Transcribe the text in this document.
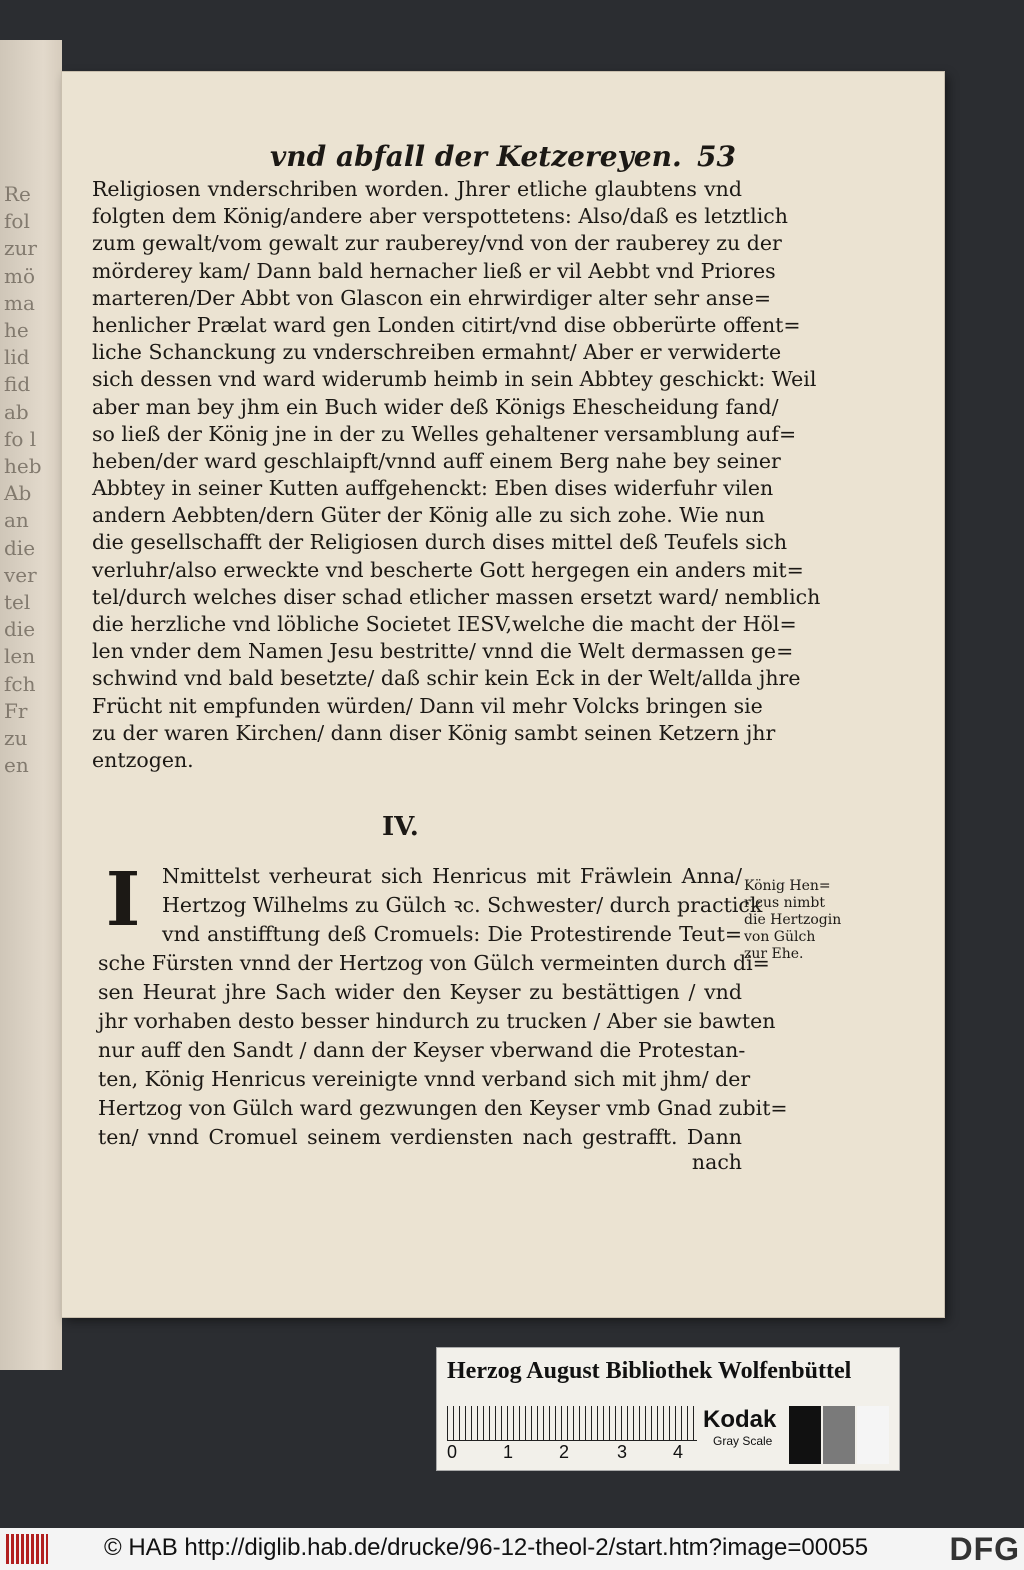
Re
fol
zur
mö
ma
he
lid
fid
ab
fo l
heb
Ab
an
die
ver
tel
die
len
fch
Fr
zu
en
vnd abfall der Ketzereyen. 53
Religiosen vnderschriben worden. Jhrer etliche glaubtens vnd
folgten dem König/andere aber verspottetens: Also/daß es letztlich
zum gewalt/vom gewalt zur rauberey/vnd von der rauberey zu der
mörderey kam/ Dann bald hernacher ließ er vil Aebbt vnd Priores
marteren/Der Abbt von Glascon ein ehrwirdiger alter sehr anse=
henlicher Prælat ward gen Londen citirt/vnd dise obberürte offent=
liche Schanckung zu vnderschreiben ermahnt/ Aber er verwiderte
sich dessen vnd ward widerumb heimb in sein Abbtey geschickt: Weil
aber man bey jhm ein Buch wider deß Königs Ehescheidung fand/
so ließ der König jne in der zu Welles gehaltener versamblung auf=
heben/der ward geschlaipft/vnnd auff einem Berg nahe bey seiner
Abbtey in seiner Kutten auffgehenckt: Eben dises widerfuhr vilen
andern Aebbten/dern Güter der König alle zu sich zohe. Wie nun
die gesellschafft der Religiosen durch dises mittel deß Teufels sich
verluhr/also erweckte vnd bescherte Gott hergegen ein anders mit=
tel/durch welches diser schad etlicher massen ersetzt ward/ nemblich
die herzliche vnd löbliche Societet IESV,welche die macht der Höl=
len vnder dem Namen Jesu bestritte/ vnnd die Welt dermassen ge=
schwind vnd bald besetzte/ daß schir kein Eck in der Welt/allda jhre
Frücht nit empfunden würden/ Dann vil mehr Volcks bringen sie
zu der waren Kirchen/ dann diser König sambt seinen Ketzern jhr
entzogen.
IV.
I	Nmittelst verheurat sich Henricus mit Fräwlein Anna/
Hertzog Wilhelms zu Gülch ꝛc. Schwester/ durch practick
vnd anstifftung deß Cromuels: Die Protestirende Teut=
sche Fürsten vnnd der Hertzog von Gülch vermeinten durch di=
sen Heurat jhre Sach wider den Keyser zu bestättigen / vnd
jhr vorhaben desto besser hindurch zu trucken / Aber sie bawten
nur auff den Sandt / dann der Keyser vberwand die Protestan-
ten, König Henricus vereinigte vnnd verband sich mit jhm/ der
Hertzog von Gülch ward gezwungen den Keyser vmb Gnad zubit=
ten/ vnnd Cromuel seinem verdiensten nach gestrafft. Dann
König Hen=
ricus nimbt
die Hertzogin
von Gülch
zur Ehe.
nach
Herzog August Bibliothek Wolfenbüttel
0	1	2	3	4
Kodak
Gray Scale
© HAB http://diglib.hab.de/drucke/96-12-theol-2/start.htm?image=00055	DFG
